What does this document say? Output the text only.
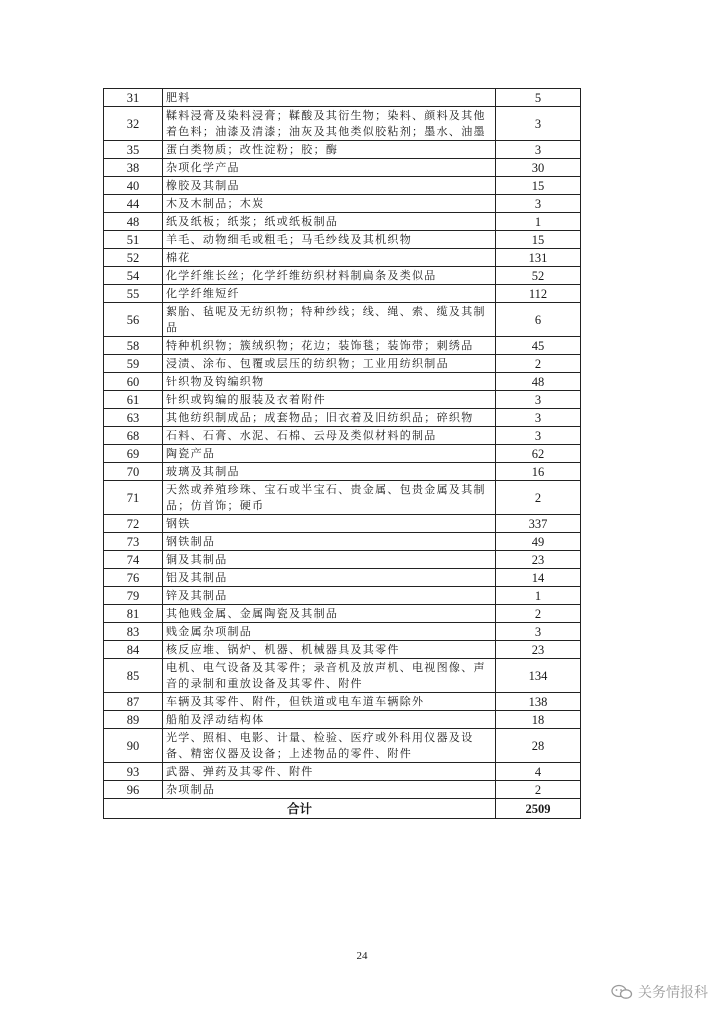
31	肥料	5
32	鞣料浸膏及染料浸膏；鞣酸及其衍生物；染料、颜料及其他着色料；油漆及清漆；油灰及其他类似胶粘剂；墨水、油墨	3
35	蛋白类物质；改性淀粉；胶；酶	3
38	杂项化学产品	30
40	橡胶及其制品	15
44	木及木制品；木炭	3
48	纸及纸板；纸浆；纸或纸板制品	1
51	羊毛、动物细毛或粗毛；马毛纱线及其机织物	15
52	棉花	131
54	化学纤维长丝；化学纤维纺织材料制扁条及类似品	52
55	化学纤维短纤	112
56	絮胎、毡呢及无纺织物；特种纱线；线、绳、索、缆及其制品	6
58	特种机织物；簇绒织物；花边；装饰毯；装饰带；刺绣品	45
59	浸渍、涂布、包覆或层压的纺织物；工业用纺织制品	2
60	针织物及钩编织物	48
61	针织或钩编的服装及衣着附件	3
63	其他纺织制成品；成套物品；旧衣着及旧纺织品；碎织物	3
68	石料、石膏、水泥、石棉、云母及类似材料的制品	3
69	陶瓷产品	62
70	玻璃及其制品	16
71	天然或养殖珍珠、宝石或半宝石、贵金属、包贵金属及其制品；仿首饰；硬币	2
72	钢铁	337
73	钢铁制品	49
74	铜及其制品	23
76	铝及其制品	14
79	锌及其制品	1
81	其他贱金属、金属陶瓷及其制品	2
83	贱金属杂项制品	3
84	核反应堆、锅炉、机器、机械器具及其零件	23
85	电机、电气设备及其零件；录音机及放声机、电视图像、声音的录制和重放设备及其零件、附件	134
87	车辆及其零件、附件，但铁道或电车道车辆除外	138
89	船舶及浮动结构体	18
90	光学、照相、电影、计量、检验、医疗或外科用仪器及设备、精密仪器及设备；上述物品的零件、附件	28
93	武器、弹药及其零件、附件	4
96	杂项制品	2
合计		2509
24
关务情报科
